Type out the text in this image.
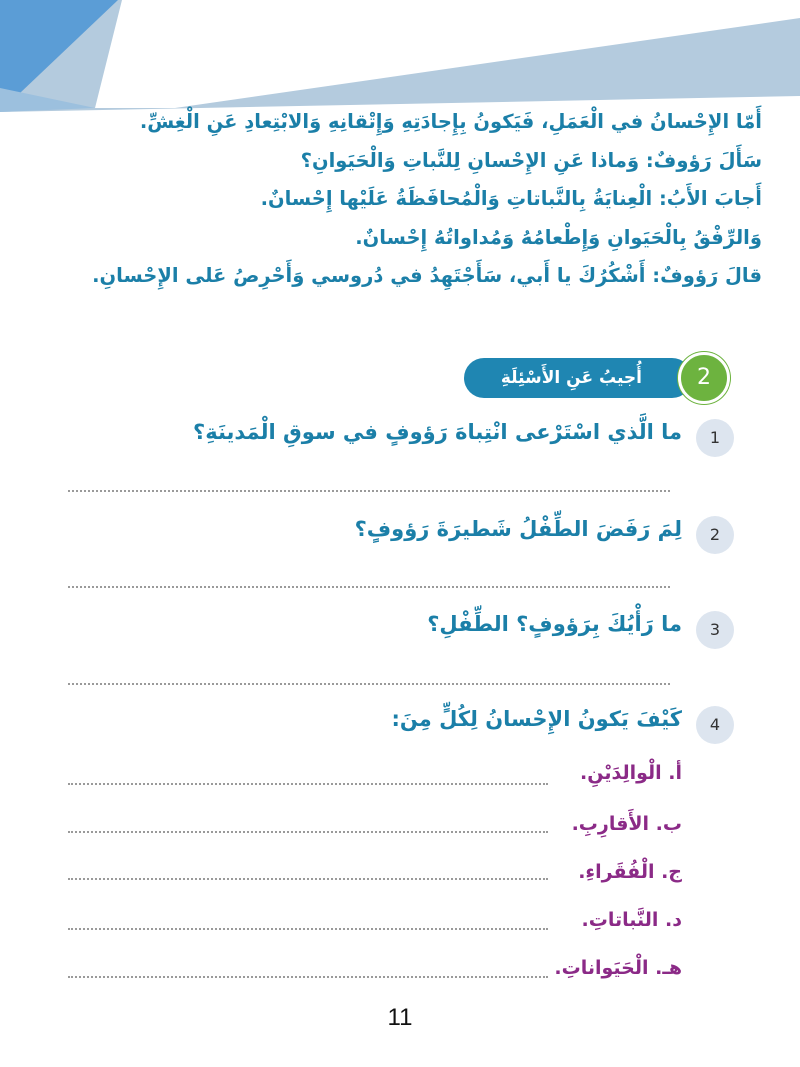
أَمّا الإِحْسانُ في الْعَمَلِ، فَيَكونُ بِإِجادَتِهِ وَإِتْقانِهِ وَالابْتِعادِ عَنِ الْغِشِّ.
سَأَلَ رَؤوفٌ: وَماذا عَنِ الإِحْسانِ لِلنَّباتِ وَالْحَيَوانِ؟
أَجابَ الأَبُ: الْعِنايَةُ بِالنَّباتاتِ وَالْمُحافَظَةُ عَلَيْها إِحْسانٌ.
وَالرِّفْقُ بِالْحَيَوانِ وَإِطْعامُهُ وَمُداواتُهُ إِحْسانٌ.
قالَ رَؤوفٌ: أَشْكُرُكَ يا أَبي، سَأَجْتَهِدُ في دُروسي وَأَحْرِصُ عَلى الإِحْسانِ.
أُجيبُ عَنِ الأَسْئِلَةِ	2
1
ما الَّذي اسْتَرْعى انْتِباهَ رَؤوفٍ في سوقِ الْمَدينَةِ؟
2
لِمَ رَفَضَ الطِّفْلُ شَطيرَةَ رَؤوفٍ؟
3
ما رَأْيُكَ بِرَؤوفٍ؟ الطِّفْلِ؟
4
كَيْفَ يَكونُ الإِحْسانُ لِكُلٍّ مِنَ:
أ. الْوالِدَيْنِ.
ب. الأَقارِبِ.
ج. الْفُقَراءِ.
د. النَّباتاتِ.
هـ. الْحَيَواناتِ.
11
